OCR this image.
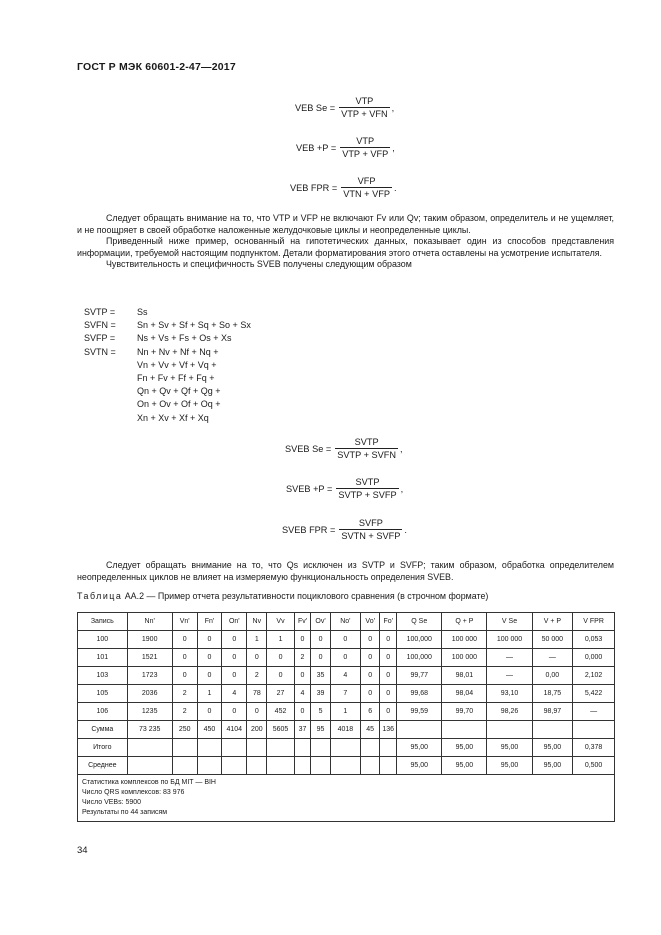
ГОСТ Р МЭК 60601-2-47—2017
VEB $Se = \frac{\text{VTP}}{\text{VTP + VFN}}$ ,
VEB $+P = \frac{\text{VTP}}{\text{VTP + VFP}}$ ,
VEB FPR = $\frac{\text{VFP}}{\text{VTN + VFP}}$ .

Следует обращать внимание на то, что VTP и VFP не включают Fv или Qv; таким образом, определитель и не ущемляет, и не поощряет в своей обработке наложенные желудочковые циклы и неопределенные циклы.

Приведенный ниже пример, основанный на гипотетических данных, показывает один из способов представления информации, требуемой настоящим подпунктом. Детали форматирования этого отчета оставлены на усмотрение испытателя.

Чувствительность и специфичность SVEB получены следующим образом

SVTP =	Ss
SVFN =	Sn + Sv + Sf + Sq + So + Sx
SVFP =	Ns + Vs + Fs + Os + Xs
SVTN =	Nn + Nv + Nf + Nq +
Vn + Vv + Vf + Vq +
Fn + Fv + Ff + Fq +
Qn + Qv + Qf + Qg +
On + Ov + Of + Oq +
Xn + Xv + Xf + Xq
SVEB $Se = \frac{\text{SVTP}}{\text{SVTP + SVFN}}$ ,
SVEB $+P = \frac{\text{SVTP}}{\text{SVTP + SVFP}}$ ,
SVEB FPR = $\frac{\text{SVFP}}{\text{SVTN + SVFP}}$ .

Следует обращать внимание на то, что Qs исключен из SVTP и SVFP; таким образом, обработка определителем неопределенных циклов не влияет на измеряемую функциональность определения SVEB.

Таблица АА.2 — Пример отчета результативности поциклового сравнения (в строчном формате)
Запись	Nn'	Vn'	Fn'	On'	Nv	Vv	Fv'	Ov'	No'	Vo'	Fo'	Q Se	Q + P	V Se	V + P	V FPR
100	1900	0	0	0	1	1	0	0	0	0	0	100,000	100 000	100 000	50 000	0,053
101	1521	0	0	0	0	0	2	0	0	0	0	100,000	100 000	—	—	0,000
103	1723	0	0	0	2	0	0	35	4	0	0	99,77	98,01	—	0,00	2,102
105	2036	2	1	4	78	27	4	39	7	0	0	99,68	98,04	93,10	18,75	5,422
106	1235	2	0	0	0	452	0	5	1	6	0	99,59	99,70	98,26	98,97	—
Сумма	73 235	250	450	4104	200	5605	37	95	4018	45	136					
Итого												95,00	95,00	95,00	95,00	0,378
Среднее												95,00	95,00	95,00	95,00	0,500

Статистика комплексов по БД MIT — BIH
Число QRS комплексов: 83 976
Число VEBs: 5900
Результаты по 44 записям																
34
